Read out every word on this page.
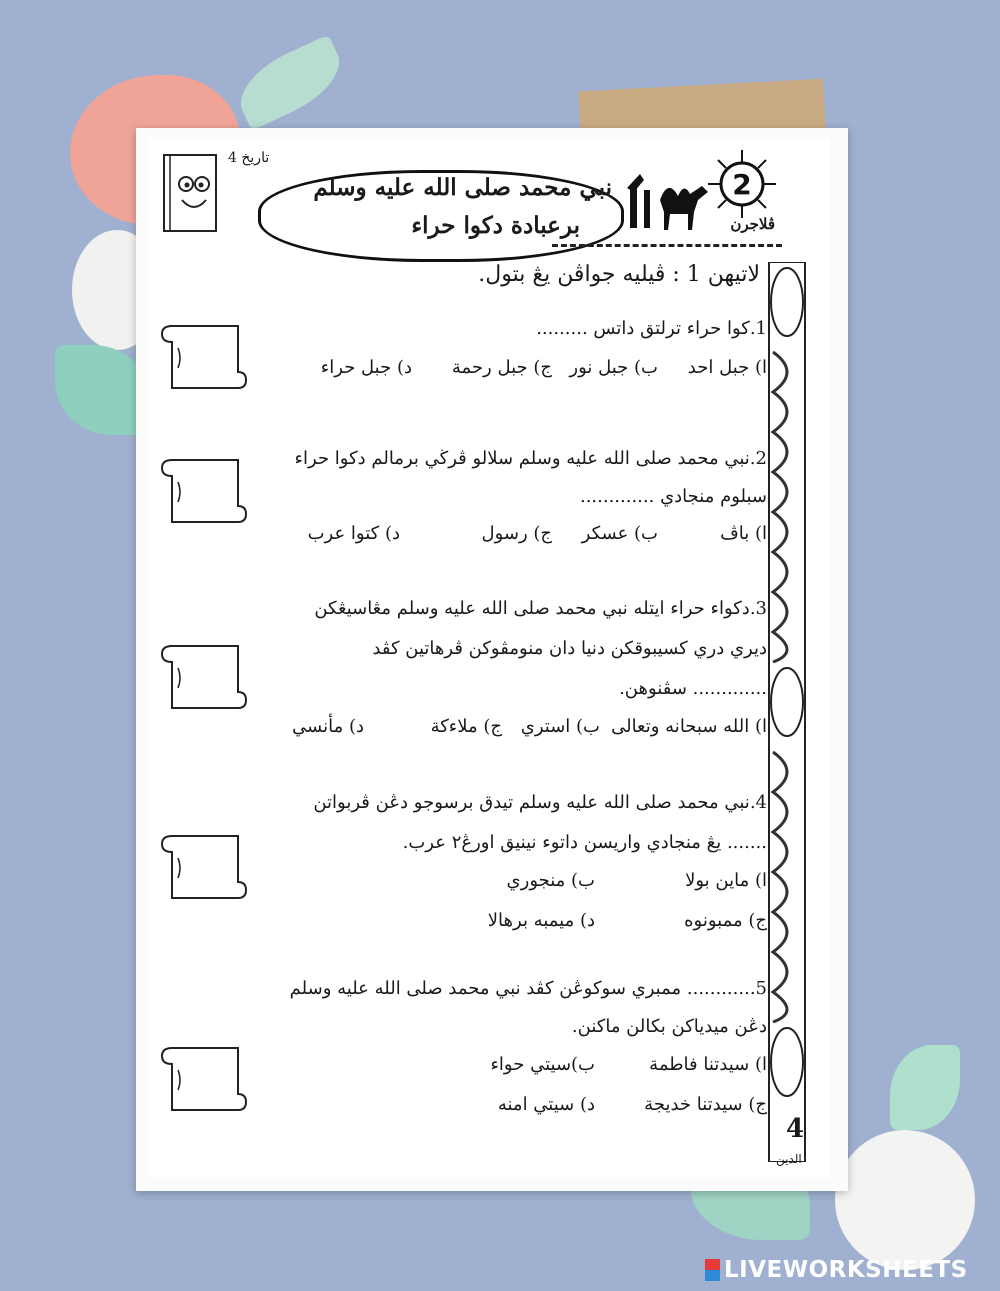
تاريخ 4
نبي محمد صلى الله عليه وسلم
برعبادة دكوا حراء
2
ڤلاجرن
4
الدين
لاتيهن 1 : ڤيليه جواڤن يڠ بتول.
1.كوا حراء ترلتق داتس .........
ا) جبل احد
ب) جبل نور
ج) جبل رحمة
د) جبل حراء
2.نبي محمد صلى الله عليه وسلم سلالو ڤرڬي برمالم دكوا حراء
سبلوم منجادي .............
ا) باڤ
ب) عسكر
ج) رسول
د) كتوا عرب
3.دكواء حراء ايتله نبي محمد صلى الله عليه وسلم مڠاسيڠكن
ديري دري كسيبوقكن دنيا دان منومڤوكن ڤرهاتين كڤد
............. سڤنوهن.
ا) الله سبحانه وتعالى
ب) استري
ج) ملاءكة
د) مأنسي
4.نبي محمد صلى الله عليه وسلم تيدق برسوجو دڠن ڤربواتن
....... يڠ منجادي واريسن داتوء نينيق اورڠ٢ عرب.
ا) ماين بولا
ب) منجوري
ج) ممبونوه
د) ميمبه برهالا
5............ ممبري سوكوڠن كڤد نبي محمد صلى الله عليه وسلم
دڠن ميدياكن بكالن ماكنن.
ا) سيدتنا فاطمة
ب)سيتي حواء
ج) سيدتنا خديجة
د) سيتي امنه
LIVEWORKSHEETS
